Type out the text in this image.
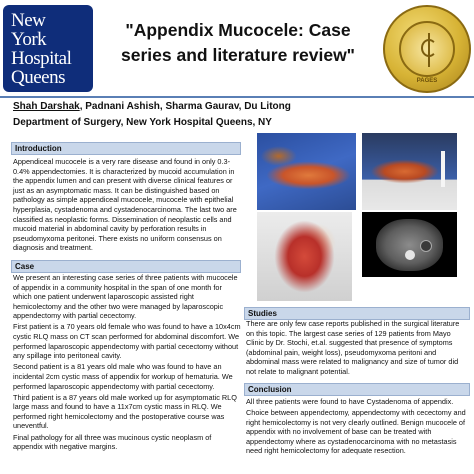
New
York
Hospital
Queens
"Appendix Mucocele: Case series and literature review"
PAGES
Shah Darshak, Padnani Ashish, Sharma Gaurav, Du Litong
Department of Surgery, New York Hospital Queens, NY
Introduction

Appendiceal mucocele is a very rare disease and found in only 0.3-0.4% appendectomies. It is characterized by mucoid accumulation in the appendix lumen and can present with diverse clinical features or just as an asymptomatic mass. It can be distinguished based on pathology as simple appendiceal mucocele, mucocele with epithelial hyperplasia, cystadenoma and cystadenocarcinoma. The last two are classified as neoplastic forms. Dissemination of neoplastic cells and mucoid material in abdominal cavity by perforation results in pseudomyxoma peritonei. There exists no uniform consensus on diagnosis and treatment.

Case

We present an interesting case series of three patients with mucocele of appendix in a community hospital in the span of one month for which one patient underwent laparoscopic assisted right hemicolectomy and the other two were managed by laparoscopic appendectomy with partial cecectomy.

First patient is a 70 years old female who was found to have a 10x4cm cystic RLQ mass on CT scan performed for abdominal discomfort. We performed laparoscopic appendectomy with partial cecectomy without any spillage into peritoneal cavity.

Second patient is a 81 years old male who was found to have an incidental 2cm cystic mass of appendix for workup of hematuria. We performed laparoscopic appendectomy with partial cecectomy.

Third patient is a 87 years old male worked up for asymptomatic RLQ large mass and found to have a 11x7cm cystic mass in RLQ. We performed right hemicolectomy and the postoperative course was uneventful.

Final pathology for all three was mucinous cystic neoplasm of appendix with negative margins.

Studies

There are only few case reports published in the surgical literature on this topic. The largest case series of 129 patients from Mayo Clinic by Dr. Stochi, et.al. suggested that presence of symptoms (abdominal pain, weight loss), pseudomyxoma peritoni and abdominal mass were related to malignancy and size of tumor did not relate to malignant potential.

Conclusion

All three patients were found to have Cystadenoma of appendix.

Choice between appendectomy, appendectomy with cecectomy and right hemicolectomy is not very clearly outlined. Benign mucocele of appendix with no involvement of base can be treated with appendectomy where as cystadenocarcinoma with no metastasis need right hemicolectomy for adequate resection.
